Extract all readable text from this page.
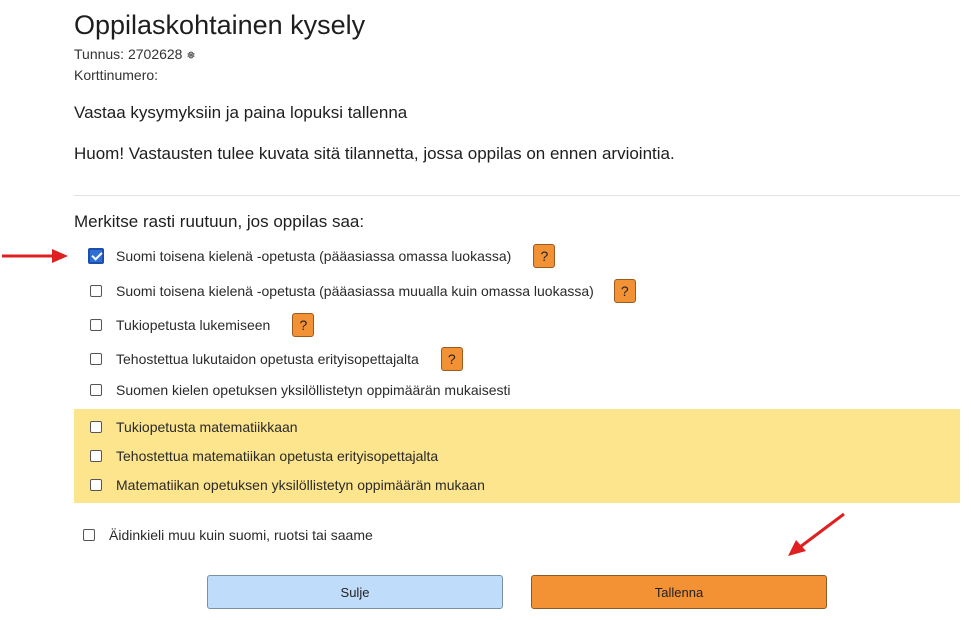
Oppilaskohtainen kysely
Tunnus: 2702628 ❅
Korttinumero:
Vastaa kysymyksiin ja paina lopuksi tallenna
Huom! Vastausten tulee kuvata sitä tilannetta, jossa oppilas on ennen arviointia.
Merkitse rasti ruutuun, jos oppilas saa:
Suomi toisena kielenä -opetusta (pääasiassa omassa luokassa)	?
Suomi toisena kielenä -opetusta (pääasiassa muualla kuin omassa luokassa)	?
Tukiopetusta lukemiseen	?
Tehostettua lukutaidon opetusta erityisopettajalta	?
Suomen kielen opetuksen yksilöllistetyn oppimäärän mukaisesti
Tukiopetusta matematiikkaan
Tehostettua matematiikan opetusta erityisopettajalta
Matematiikan opetuksen yksilöllistetyn oppimäärän mukaan
Äidinkieli muu kuin suomi, ruotsi tai saame
Sulje	Tallenna
